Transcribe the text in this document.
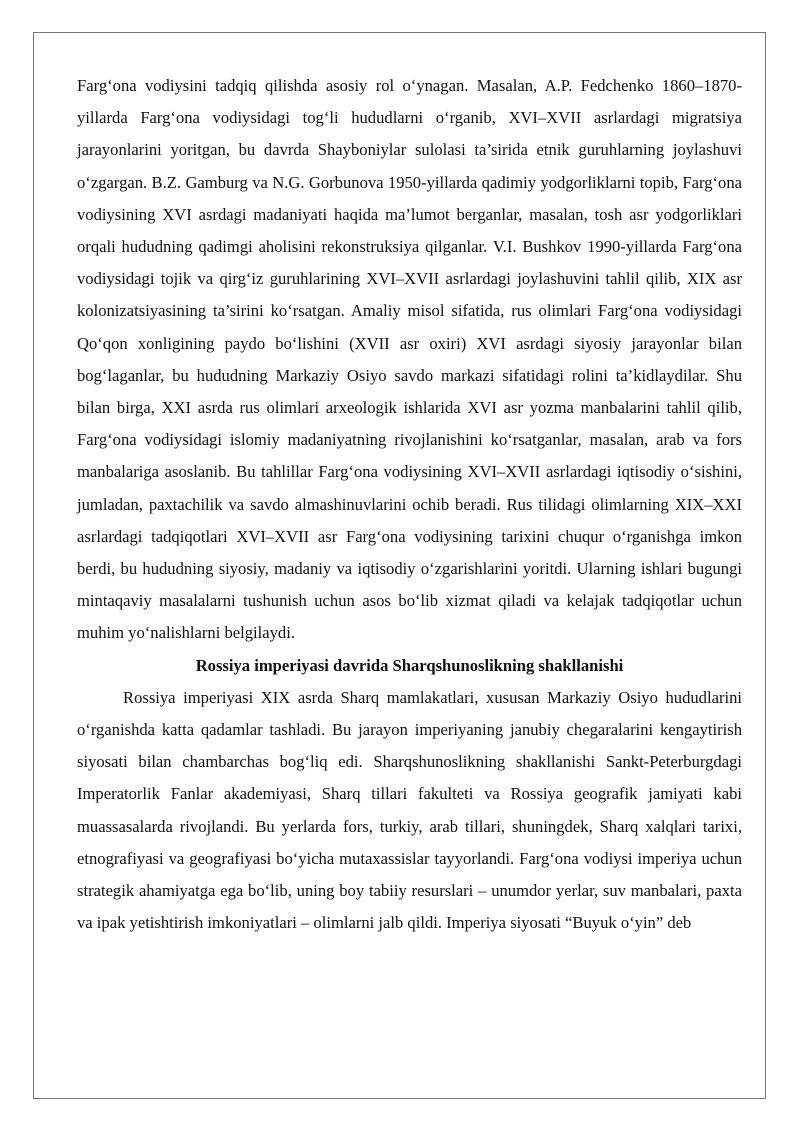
Farg‘ona vodiysini tadqiq qilishda asosiy rol o‘ynagan. Masalan, A.P. Fedchenko 1860–1870-yillarda Farg‘ona vodiysidagi tog‘li hududlarni o‘rganib, XVI–XVII asrlardagi migratsiya jarayonlarini yoritgan, bu davrda Shayboniylar sulolasi ta’sirida etnik guruhlarning joylashuvi o‘zgargan. B.Z. Gamburg va N.G. Gorbunova 1950-yillarda qadimiy yodgorliklarni topib, Farg‘ona vodiysining XVI asrdagi madaniyati haqida ma’lumot berganlar, masalan, tosh asr yodgorliklari orqali hududning qadimgi aholisini rekonstruksiya qilganlar. V.I. Bushkov 1990-yillarda Farg‘ona vodiysidagi tojik va qirg‘iz guruhlarining XVI–XVII asrlardagi joylashuvini tahlil qilib, XIX asr kolonizatsiyasining ta’sirini ko‘rsatgan. Amaliy misol sifatida, rus olimlari Farg‘ona vodiysidagi Qo‘qon xonligining paydo bo‘lishini (XVII asr oxiri) XVI asrdagi siyosiy jarayonlar bilan bog‘laganlar, bu hududning Markaziy Osiyo savdo markazi sifatidagi rolini ta’kidlaydilar. Shu bilan birga, XXI asrda rus olimlari arxeologik ishlarida XVI asr yozma manbalarini tahlil qilib, Farg‘ona vodiysidagi islomiy madaniyatning rivojlanishini ko‘rsatganlar, masalan, arab va fors manbalariga asoslanib. Bu tahlillar Farg‘ona vodiysining XVI–XVII asrlardagi iqtisodiy o‘sishini, jumladan, paxtachilik va savdo almashinuvlarini ochib beradi. Rus tilidagi olimlarning XIX–XXI asrlardagi tadqiqotlari XVI–XVII asr Farg‘ona vodiysining tarixini chuqur o‘rganishga imkon berdi, bu hududning siyosiy, madaniy va iqtisodiy o‘zgarishlarini yoritdi. Ularning ishlari bugungi mintaqaviy masalalarni tushunish uchun asos bo‘lib xizmat qiladi va kelajak tadqiqotlar uchun muhim yo‘nalishlarni belgilaydi.

Rossiya imperiyasi davrida Sharqshunoslikning shakllanishi

Rossiya imperiyasi XIX asrda Sharq mamlakatlari, xususan Markaziy Osiyo hududlarini o‘rganishda katta qadamlar tashladi. Bu jarayon imperiyaning janubiy chegaralarini kengaytirish siyosati bilan chambarchas bog‘liq edi. Sharqshunoslikning shakllanishi Sankt-Peterburgdagi Imperatorlik Fanlar akademiyasi, Sharq tillari fakulteti va Rossiya geografik jamiyati kabi muassasalarda rivojlandi. Bu yerlarda fors, turkiy, arab tillari, shuningdek, Sharq xalqlari tarixi, etnografiyasi va geografiyasi bo‘yicha mutaxassislar tayyorlandi. Farg‘ona vodiysi imperiya uchun strategik ahamiyatga ega bo‘lib, uning boy tabiiy resurslari – unumdor yerlar, suv manbalari, paxta va ipak yetishtirish imkoniyatlari – olimlarni jalb qildi. Imperiya siyosati “Buyuk o‘yin” deb
